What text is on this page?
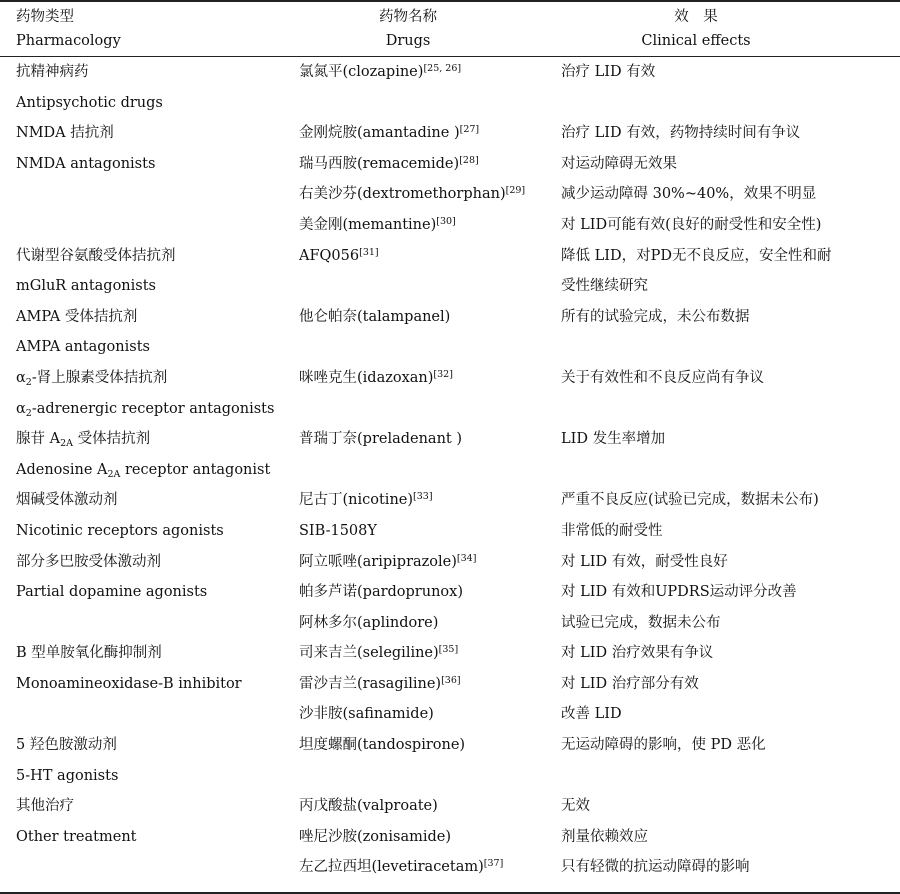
药物类型	药物名称	效　果
Pharmacology	Drugs	Clinical effects
抗精神病药	氯氮平(clozapine)[25, 26]	治疗 LID 有效
Antipsychotic drugs		
NMDA 拮抗剂	金刚烷胺(amantadine )[27]	治疗 LID 有效，药物持续时间有争议
NMDA antagonists	瑞马西胺(remacemide)[28]	对运动障碍无效果
	右美沙芬(dextromethorphan)[29]	减少运动障碍 30%~40%，效果不明显
	美金刚(memantine)[30]	对 LID可能有效(良好的耐受性和安全性)
代谢型谷氨酸受体拮抗剂	AFQ056[31]	降低 LID，对PD无不良反应，安全性和耐
mGluR antagonists		受性继续研究
AMPA 受体拮抗剂	他仑帕奈(talampanel)	所有的试验完成，未公布数据
AMPA antagonists		
$\alpha_2-$肾上腺素受体拮抗剂	咪唑克生(idazoxan)[32]	关于有效性和不良反应尚有争议
$\alpha_2$-adrenergic receptor antagonists		
腺苷 $A_{2A}$ 受体拮抗剂	普瑞丁奈(preladenant )	LID 发生率增加
Adenosine $A_{2A}$ receptor antagonist		
烟碱受体激动剂	尼古丁(nicotine)[33]	严重不良反应(试验已完成，数据未公布)
Nicotinic receptors agonists	SIB-1508Y	非常低的耐受性
部分多巴胺受体激动剂	阿立哌唑(aripiprazole)[34]	对 LID 有效，耐受性良好
Partial dopamine agonists	帕多芦诺(pardoprunox)	对 LID 有效和UPDRS运动评分改善
	阿林多尔(aplindore)	试验已完成，数据未公布
B 型单胺氧化酶抑制剂	司来吉兰(selegiline)[35]	对 LID 治疗效果有争议
Monoamineoxidase-B inhibitor	雷沙吉兰(rasagiline)[36]	对 LID 治疗部分有效
	沙非胺(safinamide)	改善 LID
5 羟色胺激动剂	坦度螺酮(tandospirone)	无运动障碍的影响，使 PD 恶化
5-HT agonists		
其他治疗	丙戊酸盐(valproate)	无效
Other treatment	唑尼沙胺(zonisamide)	剂量依赖效应
	左乙拉西坦(levetiracetam)[37]	只有轻微的抗运动障碍的影响
